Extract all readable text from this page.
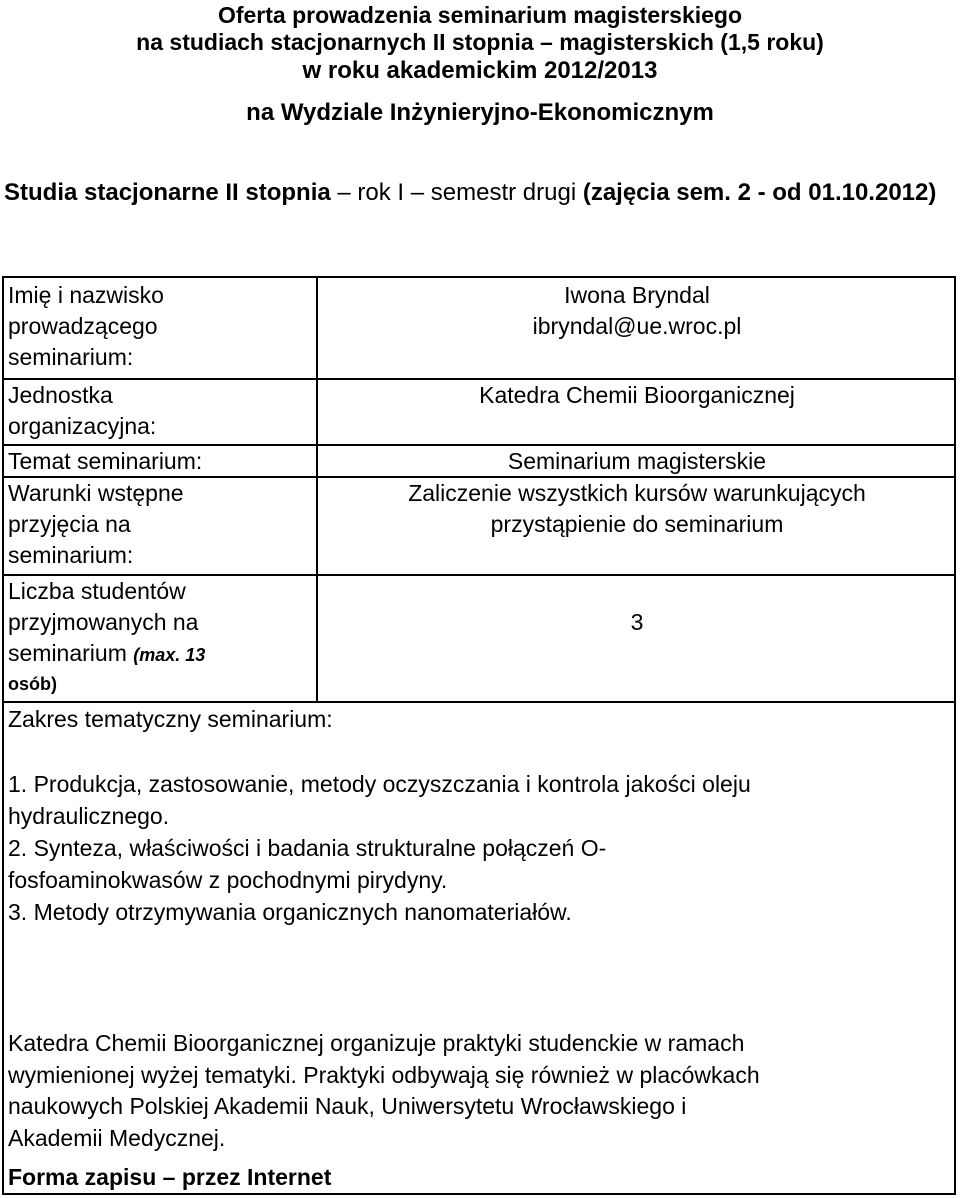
Oferta prowadzenia seminarium magisterskiego
na studiach stacjonarnych II stopnia – magisterskich (1,5 roku)
w roku akademickim 2012/2013
na Wydziale Inżynieryjno-Ekonomicznym
Studia stacjonarne II stopnia – rok I – semestr drugi (zajęcia sem. 2 - od 01.10.2012)
Imię i nazwisko
prowadzącego
seminarium:
Iwona Bryndal
ibryndal@ue.wroc.pl
Jednostka
organizacyjna:
Katedra Chemii Bioorganicznej
Temat seminarium:	Seminarium magisterskie
Warunki wstępne
przyjęcia na
seminarium:
Zaliczenie wszystkich kursów warunkujących
przystąpienie do seminarium
Liczba studentów
przyjmowanych na
seminarium (max. 13
osób)
3
Zakres tematyczny seminarium:
1. Produkcja, zastosowanie, metody oczyszczania i kontrola jakości oleju
hydraulicznego.
2. Synteza, właściwości i badania strukturalne połączeń O-
fosfoaminokwasów z pochodnymi pirydyny.
3. Metody otrzymywania organicznych nanomateriałów.
Katedra Chemii Bioorganicznej organizuje praktyki studenckie w ramach
wymienionej wyżej tematyki. Praktyki odbywają się również w placówkach
naukowych Polskiej Akademii Nauk, Uniwersytetu Wrocławskiego i
Akademii Medycznej.
Forma zapisu – przez Internet
